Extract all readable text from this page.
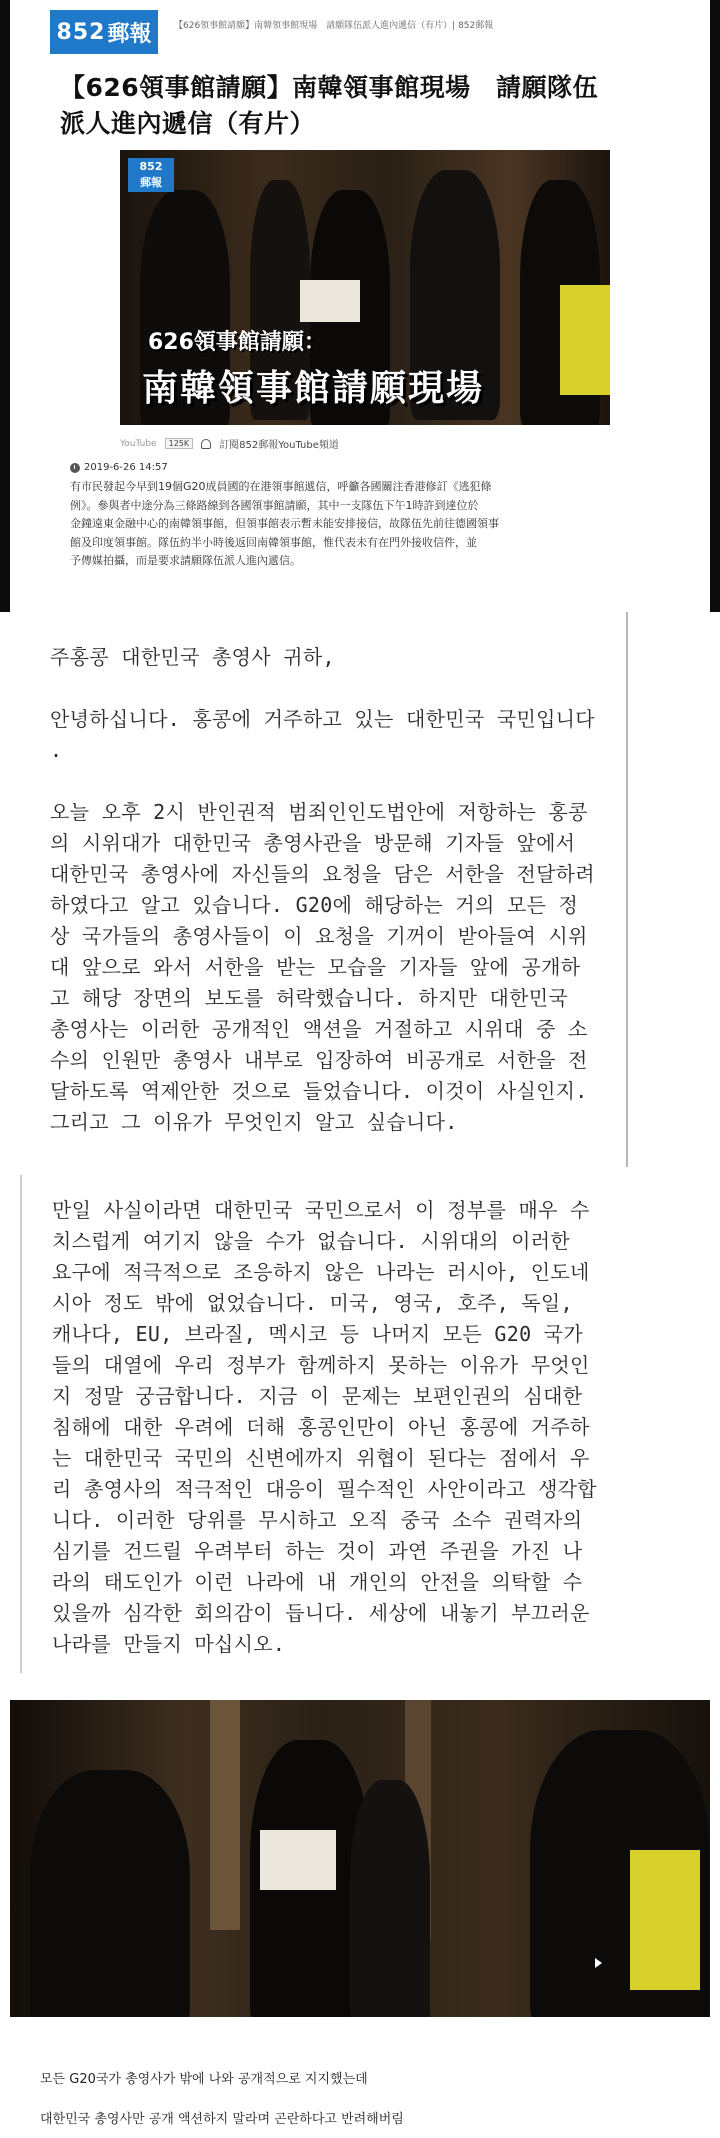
852 郵報	【626領事館請願】南韓領事館現場　請願隊伍派人進內遞信（有片）| 852郵報
【626領事館請願】南韓領事館現場　請願隊伍
派人進內遞信（有片）
852
郵報
626領事館請願：
南韓領事館請願現場
YouTube	125K	訂閱852郵報YouTube頻道
2019-6-26 14:57
有市民發起今早到19個G20成員國的在港領事館遞信，呼籲各國關注香港修訂《逃犯條
例》。參與者中途分為三條路線到各國領事館請願，其中一支隊伍下午1時許到達位於
金鐘遠東金融中心的南韓領事館，但領事館表示暫未能安排接信，故隊伍先前往德國領事
館及印度領事館。隊伍約半小時後返回南韓領事館，惟代表未有在門外接收信件，並
予傳媒拍攝，而是要求請願隊伍派人進內遞信。
주홍콩 대한민국 총영사 귀하,
안녕하십니다. 홍콩에 거주하고 있는 대한민국 국민입니다
.
오늘 오후 2시 반인권적 범죄인인도법안에 저항하는 홍콩
의 시위대가 대한민국 총영사관을 방문해 기자들 앞에서
대한민국 총영사에 자신들의 요청을 담은 서한을 전달하려
하였다고 알고 있습니다. G20에 해당하는 거의 모든 정
상 국가들의 총영사들이 이 요청을 기꺼이 받아들여 시위
대 앞으로 와서 서한을 받는 모습을 기자들 앞에 공개하
고 해당 장면의 보도를 허락했습니다. 하지만 대한민국
총영사는 이러한 공개적인 액션을 거절하고 시위대 중 소
수의 인원만 총영사 내부로 입장하여 비공개로 서한을 전
달하도록 역제안한 것으로 들었습니다. 이것이 사실인지.
그리고 그 이유가 무엇인지 알고 싶습니다.
만일 사실이라면 대한민국 국민으로서 이 정부를 매우 수
치스럽게 여기지 않을 수가 없습니다. 시위대의 이러한
요구에 적극적으로 조응하지 않은 나라는 러시아, 인도네
시아 정도 밖에 없었습니다. 미국, 영국, 호주, 독일,
캐나다, EU, 브라질, 멕시코 등 나머지 모든 G20 국가
들의 대열에 우리 정부가 함께하지 못하는 이유가 무엇인
지 정말 궁금합니다. 지금 이 문제는 보편인권의 심대한
침해에 대한 우려에 더해 홍콩인만이 아닌 홍콩에 거주하
는 대한민국 국민의 신변에까지 위협이 된다는 점에서 우
리 총영사의 적극적인 대응이 필수적인 사안이라고 생각합
니다. 이러한 당위를 무시하고 오직 중국 소수 권력자의
심기를 건드릴 우려부터 하는 것이 과연 주권을 가진 나
라의 태도인가 이런 나라에 내 개인의 안전을 의탁할 수
있을까 심각한 회의감이 듭니다. 세상에 내놓기 부끄러운
나라를 만들지 마십시오.

모든 G20국가 총영사가 밖에 나와 공개적으로 지지했는데

대한민국 총영사만 공개 액션하지 말라며 곤란하다고 반려해버림
